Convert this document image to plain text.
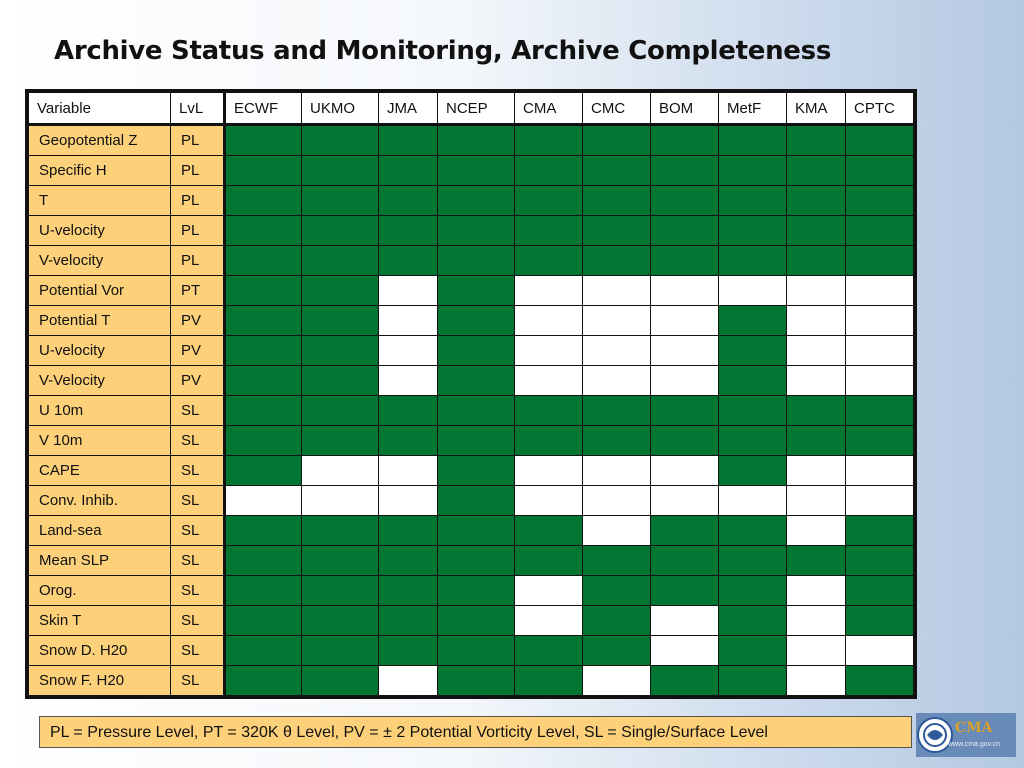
Archive Status and Monitoring, Archive Completeness
Variable	LvL	ECWF	UKMO	JMA	NCEP	CMA	CMC	BOM	MetF	KMA	CPTC
Geopotential Z	PL										
Specific H	PL										
T	PL										
U-velocity	PL										
V-velocity	PL										
Potential Vor	PT										
Potential T	PV										
U-velocity	PV										
V-Velocity	PV										
U 10m	SL										
V 10m	SL										
CAPE	SL										
Conv. Inhib.	SL										
Land-sea	SL										
Mean SLP	SL										
Orog.	SL										
Skin T	SL										
Snow D. H20	SL										
Snow F. H20	SL										
PL = Pressure Level, PT = 320K θ Level, PV = ± 2 Potential Vorticity Level, SL = Single/Surface Level	CMA
www.cma.gov.cn
